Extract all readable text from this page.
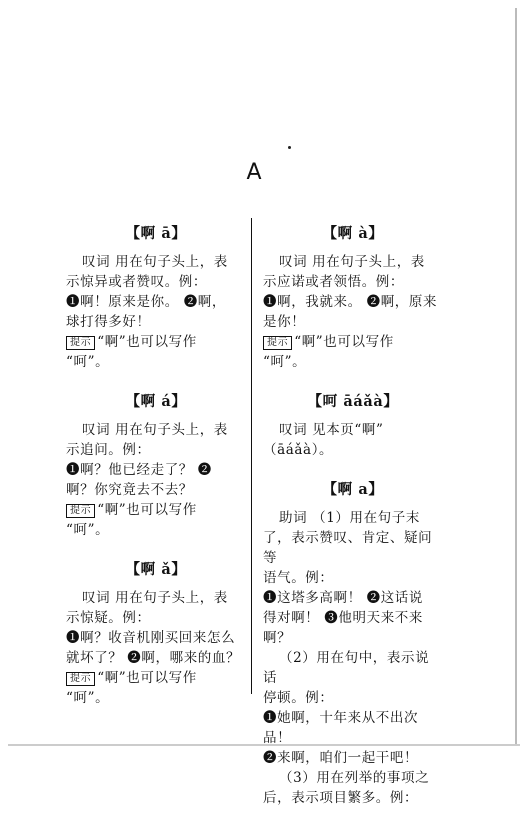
A
【啊 ā】

叹词 用在句子头上，表

示惊异或者赞叹。例：

❶啊！原来是你。 ❷啊，

球打得多好！

提示 “啊”也可以写作

“呵”。

【啊 á】

叹词 用在句子头上，表

示追问。例：

❶啊？他已经走了？ ❷

啊？你究竟去不去？

提示 “啊”也可以写作

“呵”。

【啊 ǎ】

叹词 用在句子头上，表

示惊疑。例：

❶啊？收音机刚买回来怎么

就坏了？ ❷啊，哪来的血？

提示 “啊”也可以写作

“呵”。

【啊 à】

叹词 用在句子头上，表

示应诺或者领悟。例：

❶啊，我就来。 ❷啊，原来

是你！

提示 “啊”也可以写作

“呵”。

【呵 āáǎà】

叹词 见本页“啊”

（āáǎà）。

【啊 a】

助词 （1）用在句子末

了，表示赞叹、肯定、疑问等

语气。例：

❶这塔多高啊！ ❷这话说

得对啊！ ❸他明天来不来

啊？

（2）用在句中，表示说话

停顿。例：

❶她啊，十年来从不出次品！

❷来啊，咱们一起干吧！

（3）用在列举的事项之

后，表示项目繁多。例：
